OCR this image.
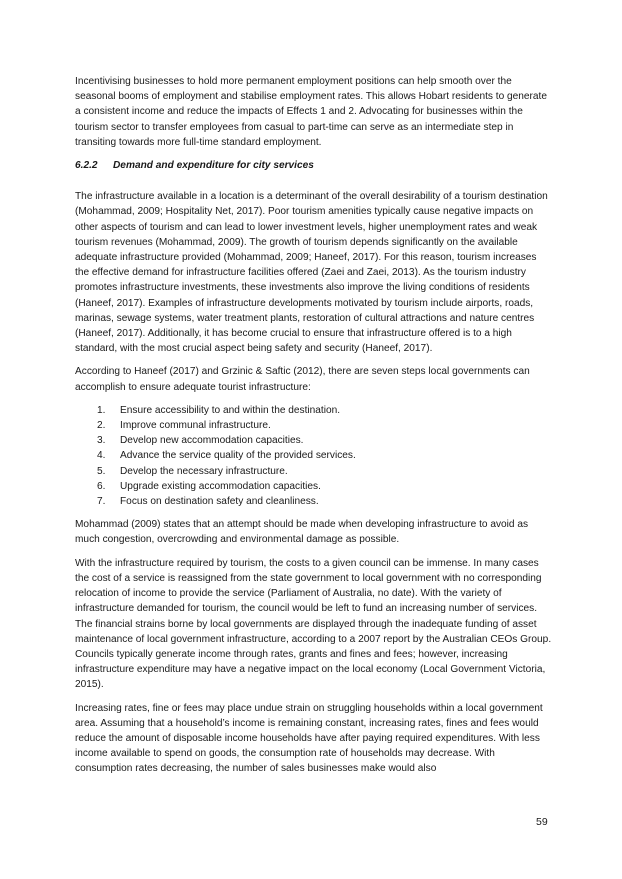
Incentivising businesses to hold more permanent employment positions can help smooth over the seasonal booms of employment and stabilise employment rates. This allows Hobart residents to generate a consistent income and reduce the impacts of Effects 1 and 2. Advocating for businesses within the tourism sector to transfer employees from casual to part-time can serve as an intermediate step in transiting towards more full-time standard employment.

6.2.2	Demand and expenditure for city services

The infrastructure available in a location is a determinant of the overall desirability of a tourism destination (Mohammad, 2009; Hospitality Net, 2017). Poor tourism amenities typically cause negative impacts on other aspects of tourism and can lead to lower investment levels, higher unemployment rates and weak tourism revenues (Mohammad, 2009). The growth of tourism depends significantly on the available adequate infrastructure provided (Mohammad, 2009; Haneef, 2017). For this reason, tourism increases the effective demand for infrastructure facilities offered (Zaei and Zaei, 2013). As the tourism industry promotes infrastructure investments, these investments also improve the living conditions of residents (Haneef, 2017). Examples of infrastructure developments motivated by tourism include airports, roads, marinas, sewage systems, water treatment plants, restoration of cultural attractions and nature centres (Haneef, 2017). Additionally, it has become crucial to ensure that infrastructure offered is to a high standard, with the most crucial aspect being safety and security (Haneef, 2017).

According to Haneef (2017) and Grzinic & Saftic (2012), there are seven steps local governments can accomplish to ensure adequate tourist infrastructure:

1.	Ensure accessibility to and within the destination.
2.	Improve communal infrastructure.
3.	Develop new accommodation capacities.
4.	Advance the service quality of the provided services.
5.	Develop the necessary infrastructure.
6.	Upgrade existing accommodation capacities.
7.	Focus on destination safety and cleanliness.

Mohammad (2009) states that an attempt should be made when developing infrastructure to avoid as much congestion, overcrowding and environmental damage as possible.

With the infrastructure required by tourism, the costs to a given council can be immense. In many cases the cost of a service is reassigned from the state government to local government with no corresponding relocation of income to provide the service (Parliament of Australia, no date). With the variety of infrastructure demanded for tourism, the council would be left to fund an increasing number of services. The financial strains borne by local governments are displayed through the inadequate funding of asset maintenance of local government infrastructure, according to a 2007 report by the Australian CEOs Group. Councils typically generate income through rates, grants and fines and fees; however, increasing infrastructure expenditure may have a negative impact on the local economy (Local Government Victoria, 2015).

Increasing rates, fine or fees may place undue strain on struggling households within a local government area. Assuming that a household’s income is remaining constant, increasing rates, fines and fees would reduce the amount of disposable income households have after paying required expenditures. With less income available to spend on goods, the consumption rate of households may decrease. With consumption rates decreasing, the number of sales businesses make would also

59
